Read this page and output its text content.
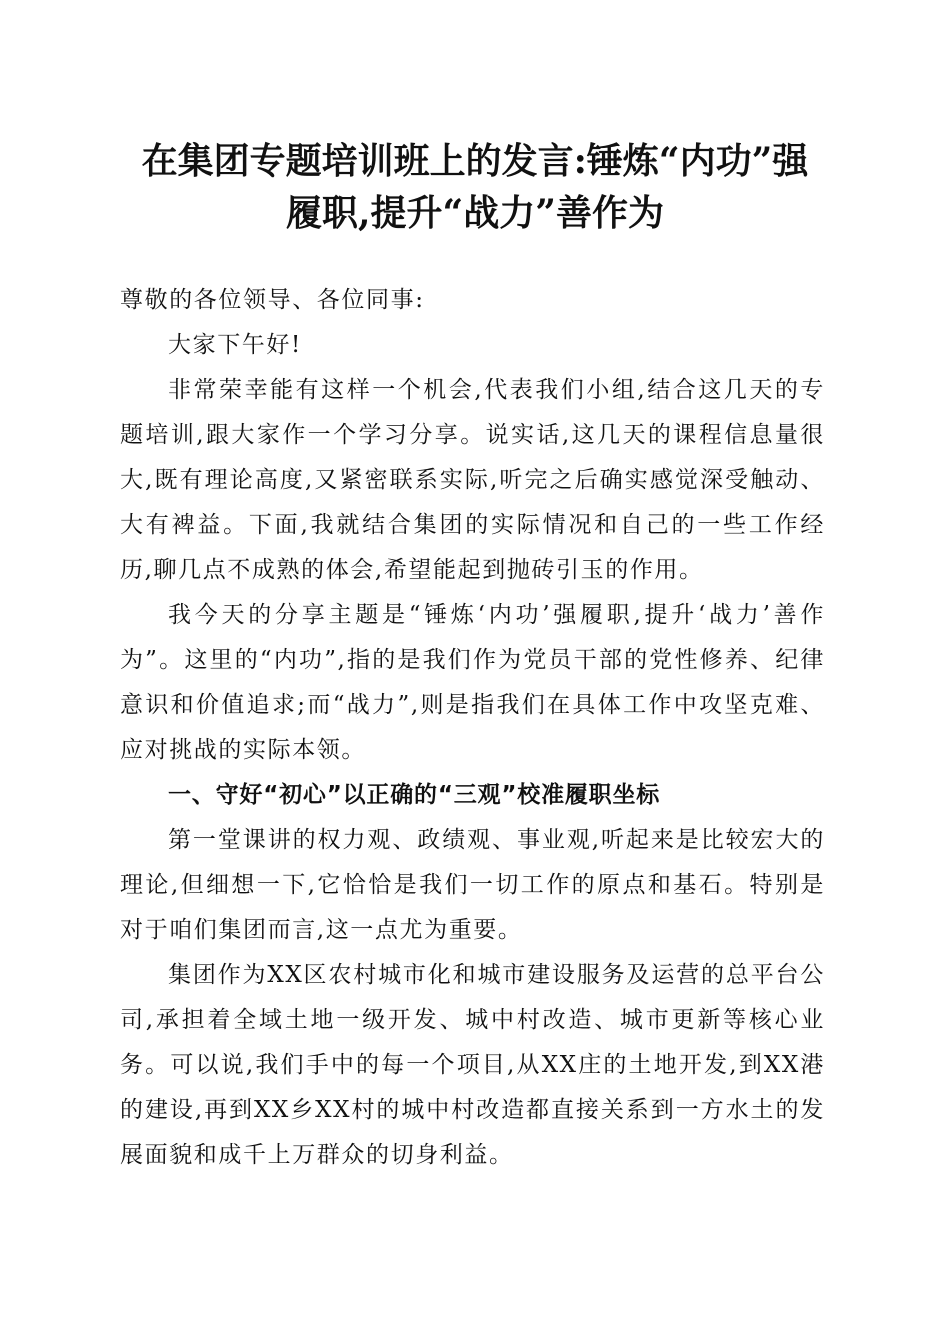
在集团专题培训班上的发言:锤炼“内功”强
履职,提升“战力”善作为

尊敬的各位领导、各位同事:

大家下午好!

非常荣幸能有这样一个机会,代表我们小组,结合这几天的专题培训,跟大家作一个学习分享。说实话,这几天的课程信息量很大,既有理论高度,又紧密联系实际,听完之后确实感觉深受触动、大有裨益。下面,我就结合集团的实际情况和自己的一些工作经历,聊几点不成熟的体会,希望能起到抛砖引玉的作用。

我今天的分享主题是“锤炼‘内功’强履职,提升‘战力’善作为”。这里的“内功”,指的是我们作为党员干部的党性修养、纪律意识和价值追求;而“战力”,则是指我们在具体工作中攻坚克难、应对挑战的实际本领。

一、守好“初心”以正确的“三观”校准履职坐标

第一堂课讲的权力观、政绩观、事业观,听起来是比较宏大的理论,但细想一下,它恰恰是我们一切工作的原点和基石。特别是对于咱们集团而言,这一点尤为重要。

集团作为XX区农村城市化和城市建设服务及运营的总平台公司,承担着全域土地一级开发、城中村改造、城市更新等核心业务。可以说,我们手中的每一个项目,从XX庄的土地开发,到XX港的建设,再到XX乡XX村的城中村改造都直接关系到一方水土的发展面貌和成千上万群众的切身利益。
